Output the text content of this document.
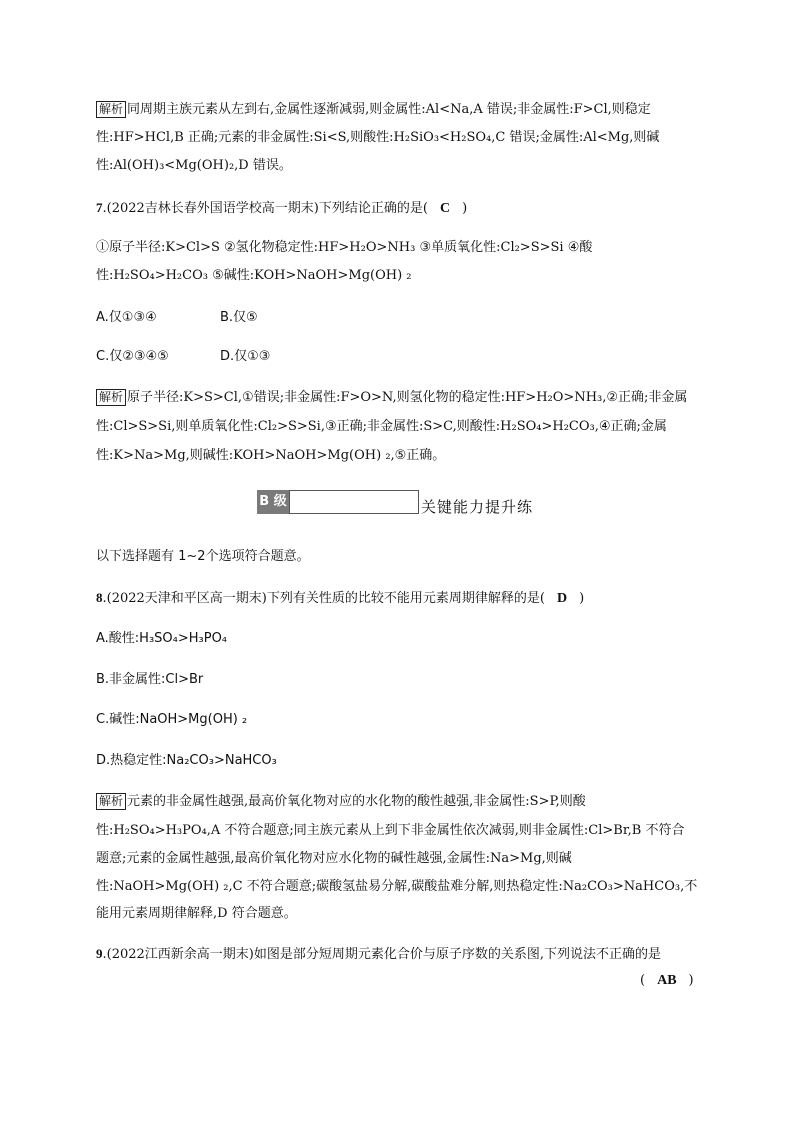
解析 同周期主族元素从左到右,金属性逐渐减弱,则金属性:Al<Na,A 错误;非金属性:F>Cl,则稳定
性:HF>HCl,B 正确;元素的非金属性:Si<S,则酸性:H₂SiO₃<H₂SO₄,C 错误;金属性:Al<Mg,则碱
性:Al(OH)₃<Mg(OH)₂,D 错误。
7.(2022吉林长春外国语学校高一期末)下列结论正确的是( C )
①原子半径:K>Cl>S ②氢化物稳定性:HF>H₂O>NH₃ ③单质氧化性:Cl₂>S>Si ④酸
性:H₂SO₄>H₂CO₃ ⑤碱性:KOH>NaOH>Mg(OH) ₂
A.仅①③④	B.仅⑤
C.仅②③④⑤	D.仅①③
解析 原子半径:K>S>Cl,①错误;非金属性:F>O>N,则氢化物的稳定性:HF>H₂O>NH₃,②正确;非金属
性:Cl>S>Si,则单质氧化性:Cl₂>S>Si,③正确;非金属性:S>C,则酸性:H₂SO₄>H₂CO₃,④正确;金属
性:K>Na>Mg,则碱性:KOH>NaOH>Mg(OH) ₂,⑤正确。
B 级	关键能力提升练
以下选择题有 1~2个选项符合题意。
8.(2022天津和平区高一期末)下列有关性质的比较不能用元素周期律解释的是( D )
A.酸性:H₃SO₄>H₃PO₄
B.非金属性:Cl>Br
C.碱性:NaOH>Mg(OH) ₂
D.热稳定性:Na₂CO₃>NaHCO₃
解析 元素的非金属性越强,最高价氧化物对应的水化物的酸性越强,非金属性:S>P,则酸
性:H₂SO₄>H₃PO₄,A 不符合题意;同主族元素从上到下非金属性依次减弱,则非金属性:Cl>Br,B 不符合
题意;元素的金属性越强,最高价氧化物对应水化物的碱性越强,金属性:Na>Mg,则碱
性:NaOH>Mg(OH) ₂,C 不符合题意;碳酸氢盐易分解,碳酸盐难分解,则热稳定性:Na₂CO₃>NaHCO₃,不
能用元素周期律解释,D 符合题意。
9.(2022江西新余高一期末)如图是部分短周期元素化合价与原子序数的关系图,下列说法不正确的是
( AB )
